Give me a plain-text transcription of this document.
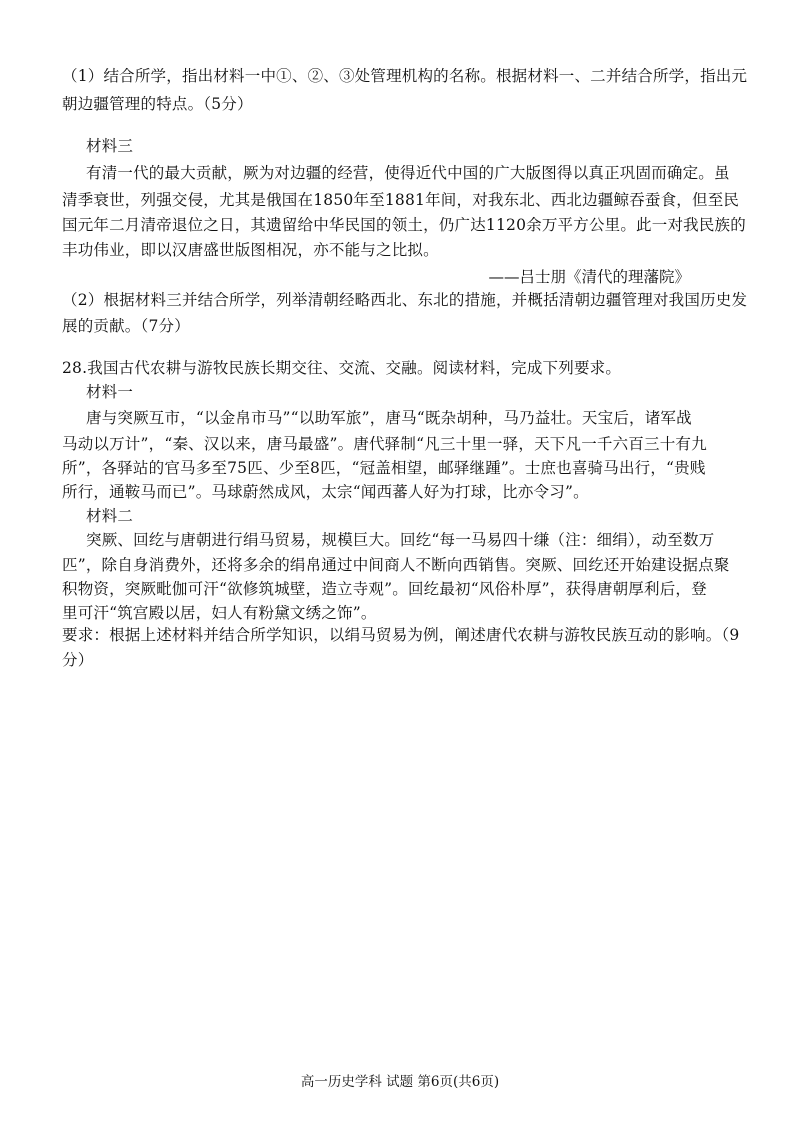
（1）结合所学，指出材料一中①、②、③处管理机构的名称。根据材料一、二并结合所学，指出元
朝边疆管理的特点。（5分）
材料三
有清一代的最大贡献，厥为对边疆的经营，使得近代中国的广大版图得以真正巩固而确定。虽
清季衰世，列强交侵，尤其是俄国在1850年至1881年间，对我东北、西北边疆鲸吞蚕食，但至民
国元年二月清帝退位之日，其遗留给中华民国的领土，仍广达1120余万平方公里。此一对我民族的
丰功伟业，即以汉唐盛世版图相况，亦不能与之比拟。
——吕士朋《清代的理藩院》
（2）根据材料三并结合所学，列举清朝经略西北、东北的措施，并概括清朝边疆管理对我国历史发
展的贡献。（7分）
28.我国古代农耕与游牧民族长期交往、交流、交融。阅读材料，完成下列要求。
材料一
唐与突厥互市，“以金帛市马”“以助军旅”，唐马“既杂胡种，马乃益壮。天宝后，诸军战
马动以万计”，“秦、汉以来，唐马最盛”。唐代驿制“凡三十里一驿，天下凡一千六百三十有九
所”，各驿站的官马多至75匹、少至8匹，“冠盖相望，邮驿继踵”。士庶也喜骑马出行，“贵贱
所行，通鞍马而已”。马球蔚然成风，太宗“闻西蕃人好为打球，比亦令习”。
材料二
突厥、回纥与唐朝进行绢马贸易，规模巨大。回纥“每一马易四十缣（注：细绢），动至数万
匹”，除自身消费外，还将多余的绢帛通过中间商人不断向西销售。突厥、回纥还开始建设据点聚
积物资，突厥毗伽可汗“欲修筑城壁，造立寺观”。回纥最初“风俗朴厚”，获得唐朝厚利后，登
里可汗“筑宫殿以居，妇人有粉黛文绣之饰”。
要求：根据上述材料并结合所学知识，以绢马贸易为例，阐述唐代农耕与游牧民族互动的影响。（9
分）
高一历史学科 试题 第6页(共6页)
